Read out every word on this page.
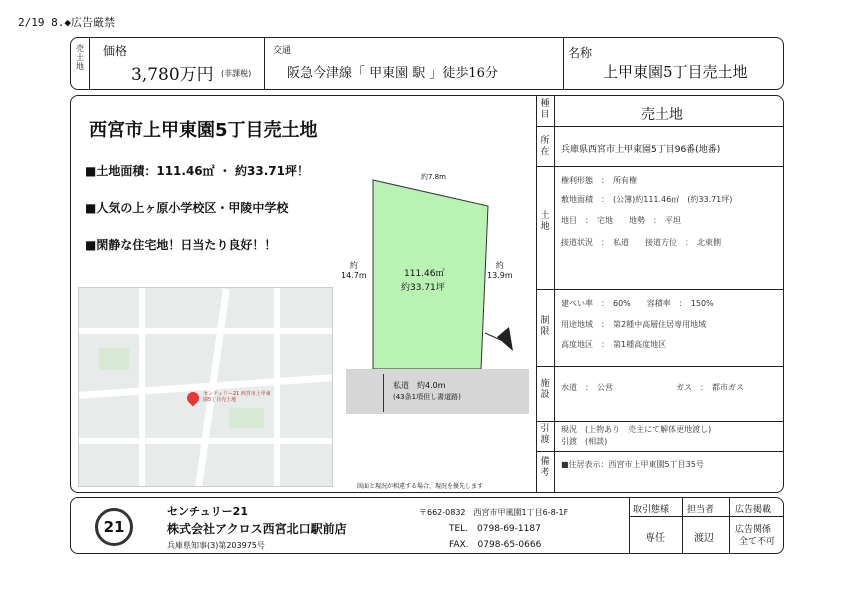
2/19 8.◆広告厳禁
売土地
価格
3,780万円 (非課税)
交通
阪急今津線「 甲東園 駅 」徒歩16分
名称
上甲東園5丁目売土地
西宮市上甲東園5丁目売土地
■土地面積：111.46㎡ ・ 約33.71坪！
■人気の上ヶ原小学校区・甲陵中学校
■閑静な住宅地！日当たり良好！！
約7.8m
約
14.7m
約
13.9m
111.46㎡
約33.71坪
私道　約4.0m
(43条1項但し書道路)
図面と現況が相違する場合、現況を優先します
種目	売土地
所在 兵庫県西宮市上甲東園5丁目96番(地番)
土地
権利形態　：　所有権
敷地面積　：　(公簿)約111.46㎡　(約33.71坪)
地目　：　宅地　　地勢　：　平坦
接道状況　：　私道　　接道方位　：　北東側
制限
建ぺい率　：　60%　　容積率　：　150%
用途地域　：　第2種中高層住居専用地域
高度地区　：　第1種高度地区
施設
水道　：　公営	ガス　：　都市ガス
引渡
現況　(上物あり　売主にて解体更地渡し)
引渡　(相談)
備考
■住居表示：西宮市上甲東園5丁目35号
センチュリー21 西宮市上甲東園5丁目売土地
21
センチュリー21
株式会社アクロス西宮北口駅前店
兵庫県知事(3)第203975号
〒662-0832　西宮市甲風園1丁目6-8-1F
TEL.　0798-69-1187
FAX.　0798-65-0666
取引態様
専任
担当者
渡辺
広告掲載
広告関係
全て不可
